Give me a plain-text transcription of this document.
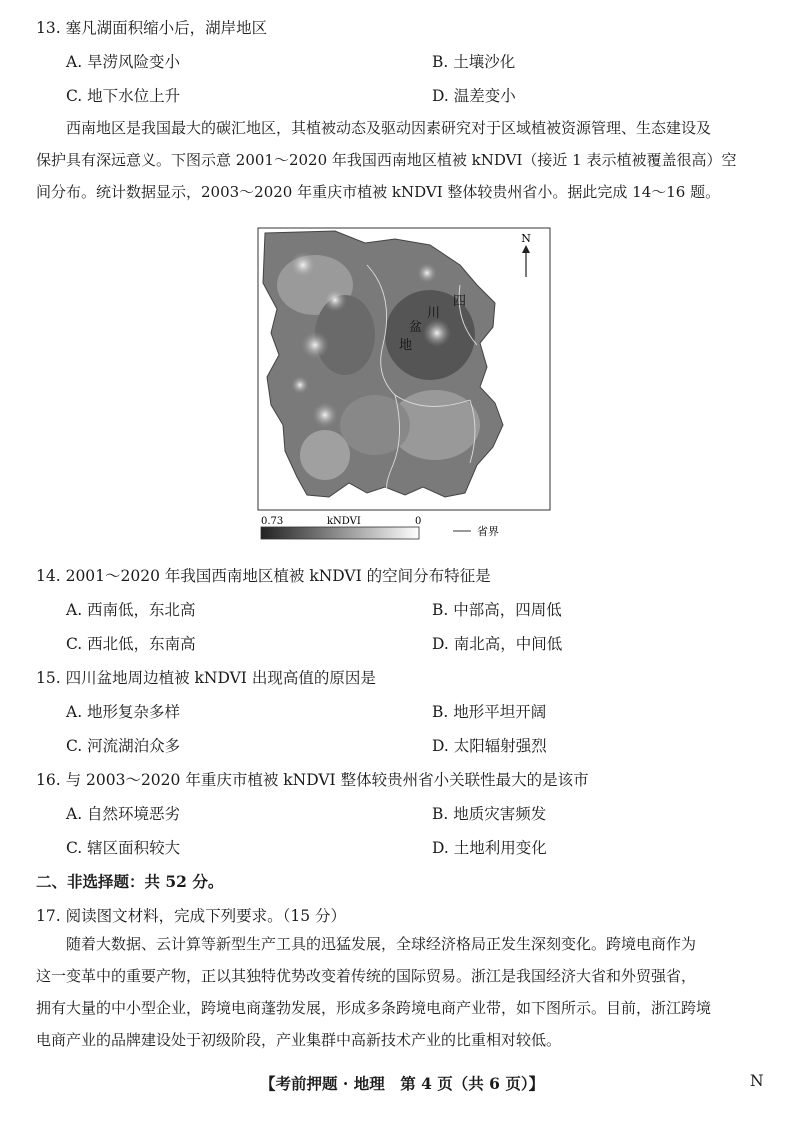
13. 塞凡湖面积缩小后，湖岸地区
A. 旱涝风险变小	B. 土壤沙化
C. 地下水位上升	D. 温差变小

西南地区是我国最大的碳汇地区，其植被动态及驱动因素研究对于区域植被资源管理、生态建设及

保护具有深远意义。下图示意 2001～2020 年我国西南地区植被 kNDVI（接近 1 表示植被覆盖很高）空

间分布。统计数据显示，2003～2020 年重庆市植被 kNDVI 整体较贵州省小。据此完成 14～16 题。

N
四
川
盆
地
0.73	kNDVI	0
省界
14. 2001～2020 年我国西南地区植被 kNDVI 的空间分布特征是
A. 西南低，东北高	B. 中部高，四周低
C. 西北低，东南高	D. 南北高，中间低
15. 四川盆地周边植被 kNDVI 出现高值的原因是
A. 地形复杂多样	B. 地形平坦开阔
C. 河流湖泊众多	D. 太阳辐射强烈
16. 与 2003～2020 年重庆市植被 kNDVI 整体较贵州省小关联性最大的是该市
A. 自然环境恶劣	B. 地质灾害频发
C. 辖区面积较大	D. 土地利用变化
二、非选择题：共 52 分。
17. 阅读图文材料，完成下列要求。（15 分）

随着大数据、云计算等新型生产工具的迅猛发展，全球经济格局正发生深刻变化。跨境电商作为

这一变革中的重要产物，正以其独特优势改变着传统的国际贸易。浙江是我国经济大省和外贸强省，

拥有大量的中小型企业，跨境电商蓬勃发展，形成多条跨境电商产业带，如下图所示。目前，浙江跨境

电商产业的品牌建设处于初级阶段，产业集群中高新技术产业的比重相对较低。

【考前押题 · 地理　第 4 页（共 6 页）】	N
